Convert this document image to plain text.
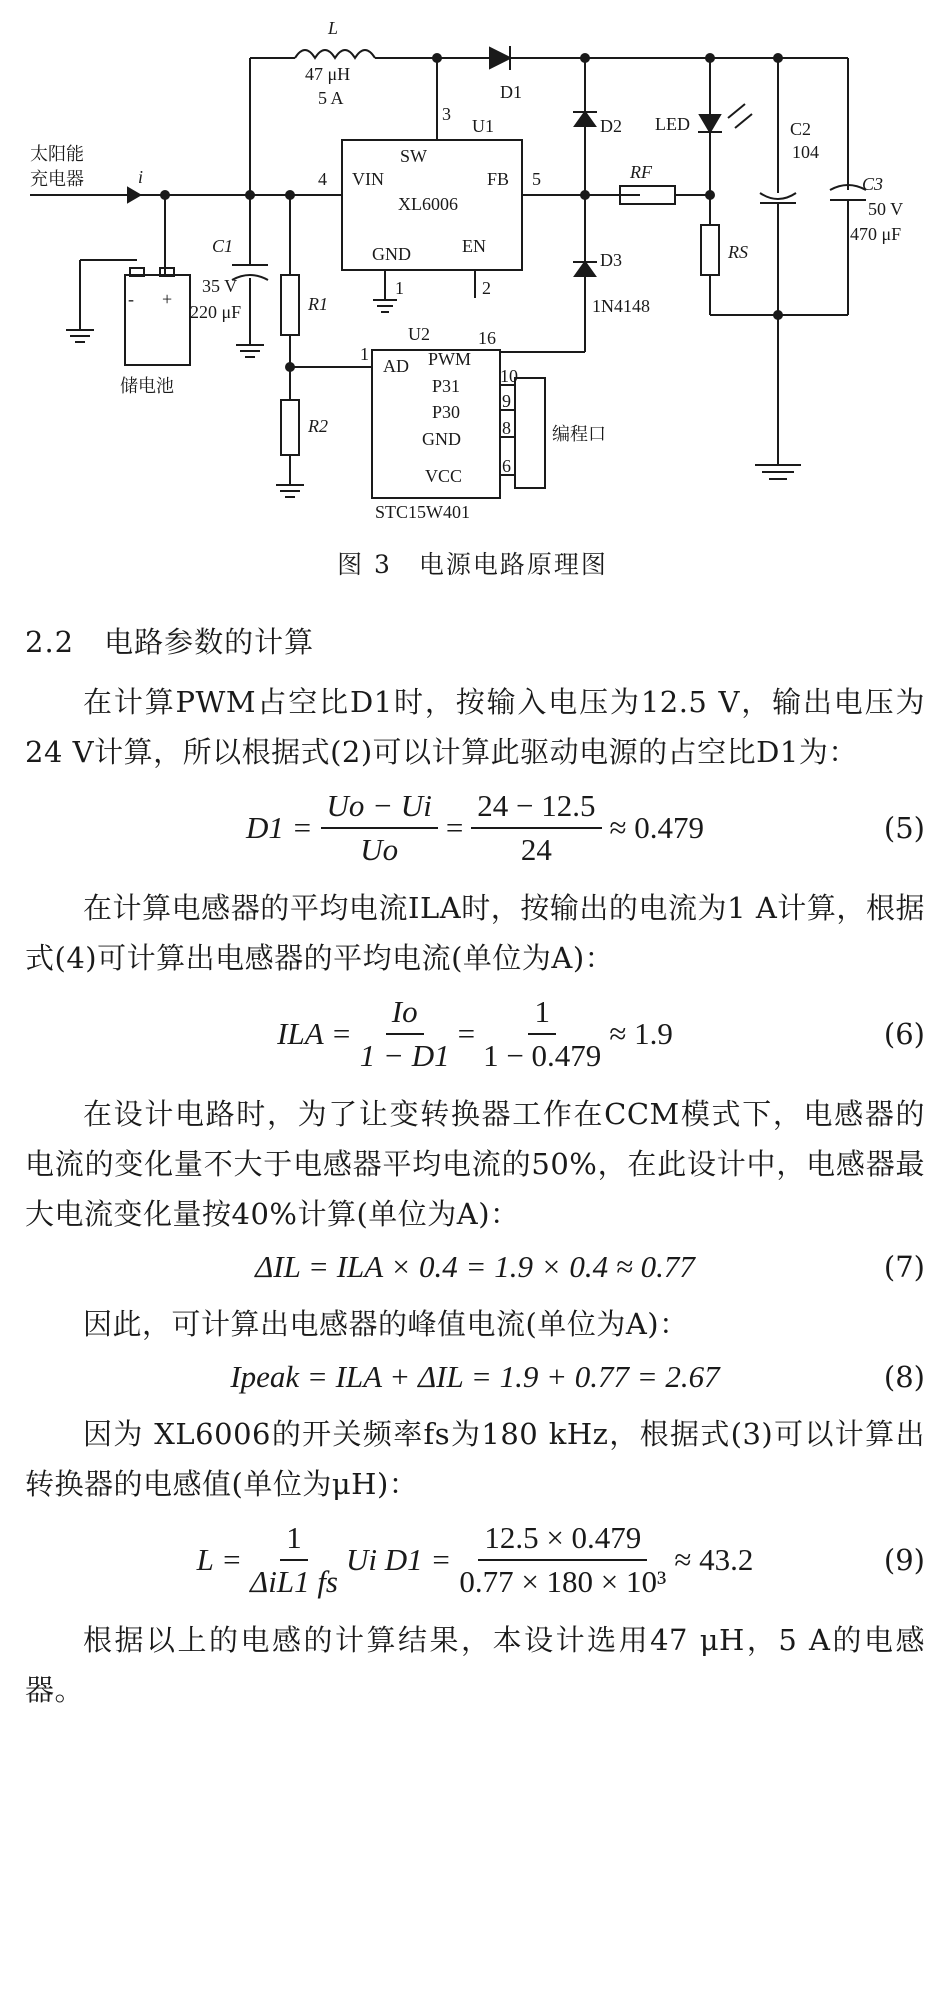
太阳能
充电器	i
- +
储电池
L
47 μH
5 A	D1
D2
D3
1N4148
LED	C2
104
C3
50 V
470 μF
C1
35 V
220 μF
RF
RS
R1
R2
U1
SW
VIN	FB
XL6006
GND	EN
3
4	5
1	2
U2
AD PWM
P31
P30
GND
VCC
1
16
10
9
8
6
STC15W401
编程口
图 3　电源电路原理图
2.2　电路参数的计算

在计算PWM占空比D1时，按输入电压为12.5 V，输出电压为24 V计算，所以根据式(2)可以计算此驱动电源的占空比D1为：

$D1 = \frac{Uo - Ui}{Uo} = \frac{24 - 12.5}{24} \approx 0.479$	(5)

在计算电感器的平均电流ILA时，按输出的电流为1 A计算，根据式(4)可计算出电感器的平均电流(单位为A)：

ILA = $\frac{Io}{1 - D1} = \frac{1}{1 - 0.479} \approx 1.9$	(6)

在设计电路时，为了让变转换器工作在CCM模式下，电感器的电流的变化量不大于电感器平均电流的50%，在此设计中，电感器最大电流变化量按40%计算(单位为A)：

ΔIL = ILA × 0.4 = 1.9 × 0.4 ≈ 0.77	(7)

因此，可计算出电感器的峰值电流(单位为A)：

Ipeak = ILA + ΔIL = 1.9 + 0.77 = 2.67	(8)

因为 XL6006的开关频率fs为180 kHz，根据式(3)可以计算出转换器的电感值(单位为μH)：

$L = \frac{1}{\text{ΔiL1 fs}}$ Ui $D1 = \frac{12.5 \times 0.479}{\text{0.77 × 180 × 10³}} \approx 43.2$	(9)

根据以上的电感的计算结果，本设计选用47 μH，5 A的电感器。
